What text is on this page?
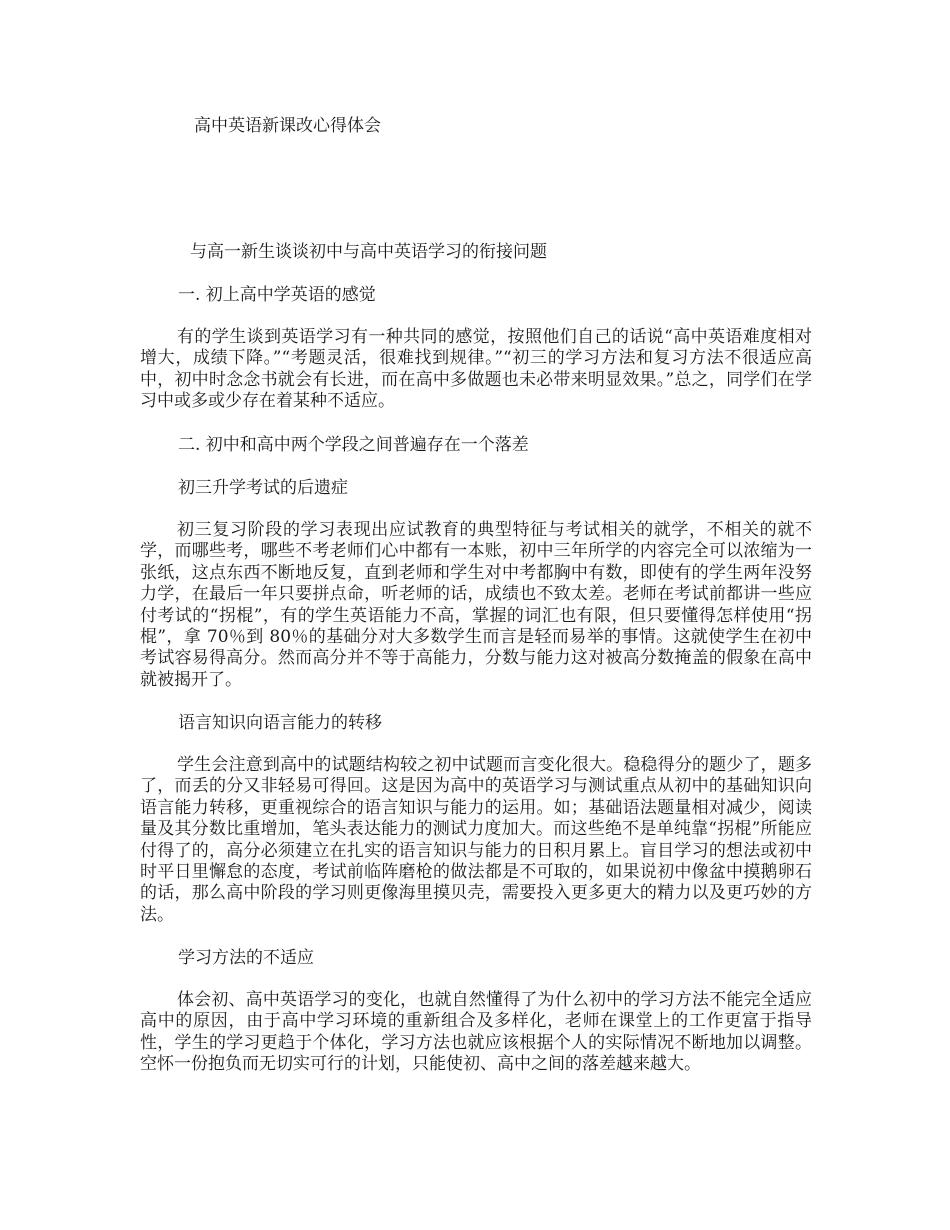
高中英语新课改心得体会
与高一新生谈谈初中与高中英语学习的衔接问题
一. 初上高中学英语的感觉

有的学生谈到英语学习有一种共同的感觉，按照他们自己的话说“高中英语难度相对增大，成绩下降。”“考题灵活，很难找到规律。”“初三的学习方法和复习方法不很适应高中，初中时念念书就会有长进，而在高中多做题也未必带来明显效果。”总之，同学们在学习中或多或少存在着某种不适应。

二. 初中和高中两个学段之间普遍存在一个落差
初三升学考试的后遗症

初三复习阶段的学习表现出应试教育的典型特征与考试相关的就学，不相关的就不学，而哪些考，哪些不考老师们心中都有一本账，初中三年所学的内容完全可以浓缩为一张纸，这点东西不断地反复，直到老师和学生对中考都胸中有数，即使有的学生两年没努力学，在最后一年只要拼点命，听老师的话，成绩也不致太差。老师在考试前都讲一些应付考试的“拐棍”，有的学生英语能力不高，掌握的词汇也有限，但只要懂得怎样使用“拐棍”，拿 70％到 80％的基础分对大多数学生而言是轻而易举的事情。这就使学生在初中考试容易得高分。然而高分并不等于高能力，分数与能力这对被高分数掩盖的假象在高中就被揭开了。

语言知识向语言能力的转移

学生会注意到高中的试题结构较之初中试题而言变化很大。稳稳得分的题少了，题多了，而丢的分又非轻易可得回。这是因为高中的英语学习与测试重点从初中的基础知识向语言能力转移，更重视综合的语言知识与能力的运用。如；基础语法题量相对减少，阅读量及其分数比重增加，笔头表达能力的测试力度加大。而这些绝不是单纯靠“拐棍”所能应付得了的，高分必须建立在扎实的语言知识与能力的日积月累上。盲目学习的想法或初中时平日里懈怠的态度，考试前临阵磨枪的做法都是不可取的，如果说初中像盆中摸鹅卵石的话，那么高中阶段的学习则更像海里摸贝壳，需要投入更多更大的精力以及更巧妙的方法。

学习方法的不适应

体会初、高中英语学习的变化，也就自然懂得了为什么初中的学习方法不能完全适应高中的原因，由于高中学习环境的重新组合及多样化，老师在课堂上的工作更富于指导性，学生的学习更趋于个体化，学习方法也就应该根据个人的实际情况不断地加以调整。空怀一份抱负而无切实可行的计划，只能使初、高中之间的落差越来越大。
